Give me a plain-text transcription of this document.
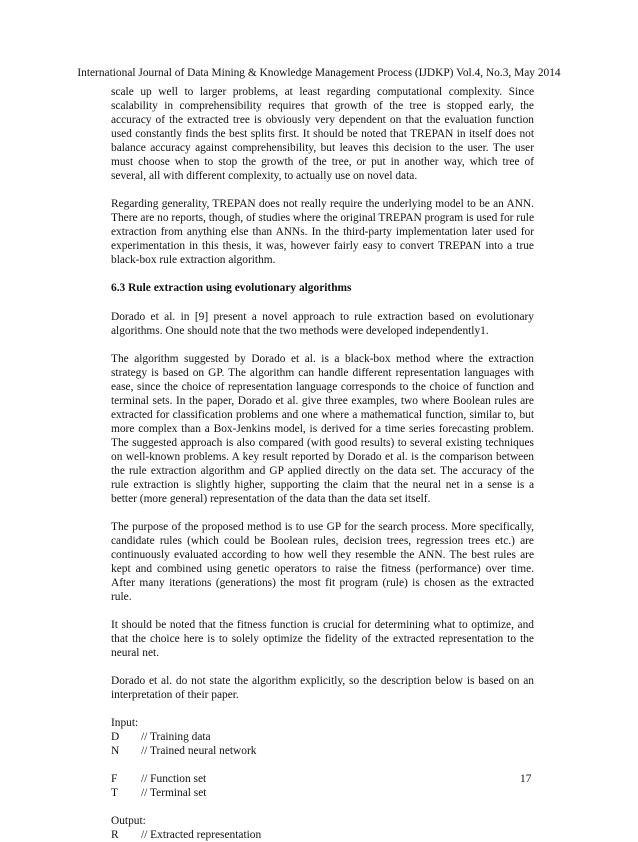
International Journal of Data Mining & Knowledge Management Process (IJDKP) Vol.4, No.3, May 2014

scale up well to larger problems, at least regarding computational complexity. Since scalability in comprehensibility requires that growth of the tree is stopped early, the accuracy of the extracted tree is obviously very dependent on that the evaluation function used constantly finds the best splits first. It should be noted that TREPAN in itself does not balance accuracy against comprehensibility, but leaves this decision to the user. The user must choose when to stop the growth of the tree, or put in another way, which tree of several, all with different complexity, to actually use on novel data.

Regarding generality, TREPAN does not really require the underlying model to be an ANN. There are no reports, though, of studies where the original TREPAN program is used for rule extraction from anything else than ANNs. In the third-party implementation later used for experimentation in this thesis, it was, however fairly easy to convert TREPAN into a true black-box rule extraction algorithm.

6.3 Rule extraction using evolutionary algorithms

Dorado et al. in [9] present a novel approach to rule extraction based on evolutionary algorithms. One should note that the two methods were developed independently1.

The algorithm suggested by Dorado et al. is a black-box method where the extraction strategy is based on GP. The algorithm can handle different representation languages with ease, since the choice of representation language corresponds to the choice of function and terminal sets. In the paper, Dorado et al. give three examples, two where Boolean rules are extracted for classification problems and one where a mathematical function, similar to, but more complex than a Box-Jenkins model, is derived for a time series forecasting problem. The suggested approach is also compared (with good results) to several existing techniques on well-known problems. A key result reported by Dorado et al. is the comparison between the rule extraction algorithm and GP applied directly on the data set. The accuracy of the rule extraction is slightly higher, supporting the claim that the neural net in a sense is a better (more general) representation of the data than the data set itself.

The purpose of the proposed method is to use GP for the search process. More specifically, candidate rules (which could be Boolean rules, decision trees, regression trees etc.) are continuously evaluated according to how well they resemble the ANN. The best rules are kept and combined using genetic operators to raise the fitness (performance) over time. After many iterations (generations) the most fit program (rule) is chosen as the extracted rule.

It should be noted that the fitness function is crucial for determining what to optimize, and that the choice here is to solely optimize the fidelity of the extracted representation to the neural net.

Dorado et al. do not state the algorithm explicitly, so the description below is based on an interpretation of their paper.

Input:
D	// Training data
N	// Trained neural network
F	// Function set
T	// Terminal set
Output:
R	// Extracted representation
17
